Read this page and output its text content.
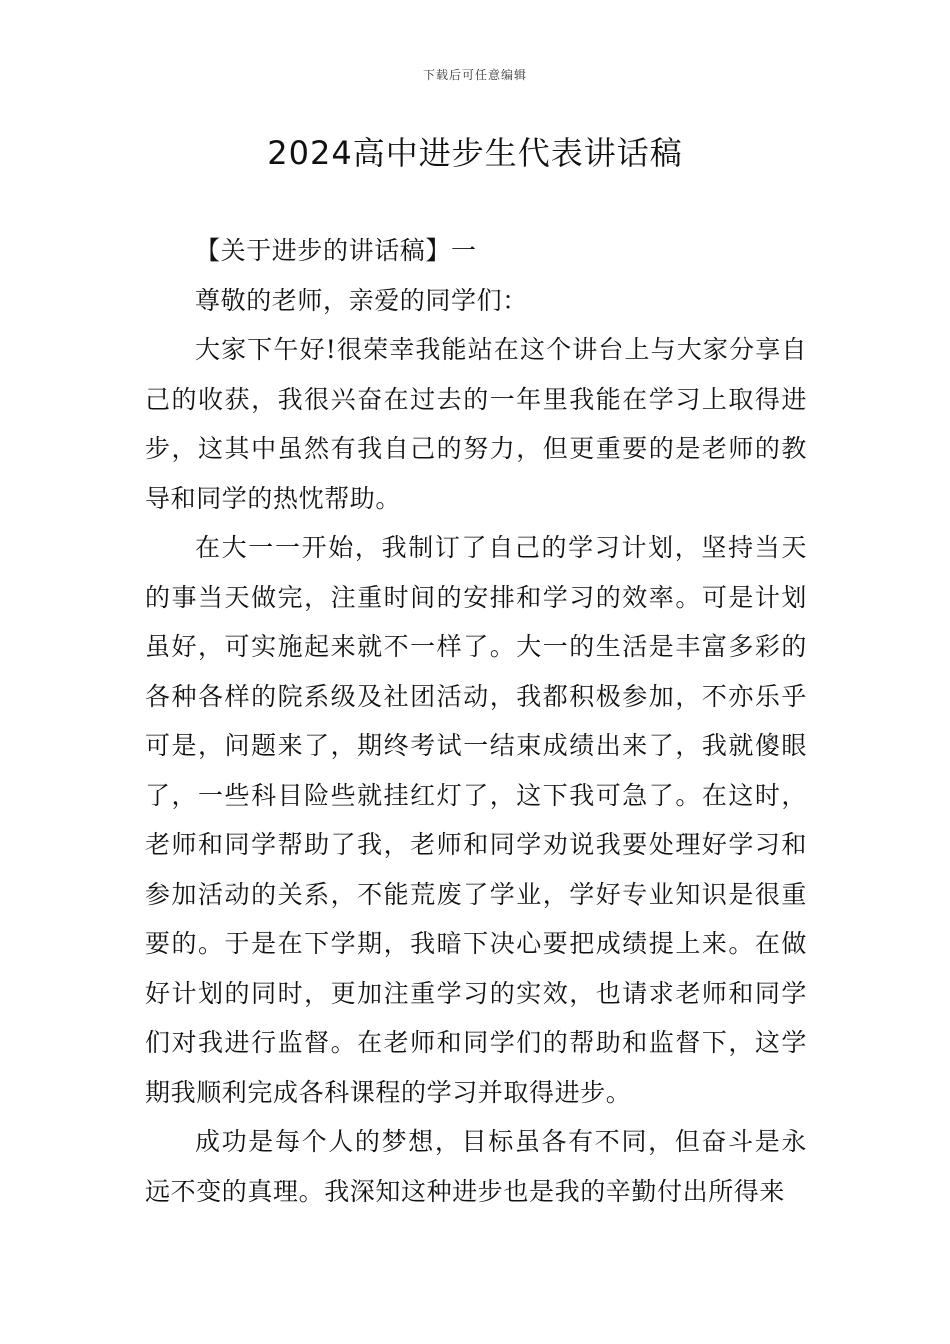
下载后可任意编辑
2024高中进步生代表讲话稿

【关于进步的讲话稿】一

尊敬的老师，亲爱的同学们：

大家下午好!很荣幸我能站在这个讲台上与大家分享自己的收获，我很兴奋在过去的一年里我能在学习上取得进步，这其中虽然有我自己的努力，但更重要的是老师的教导和同学的热忱帮助。

在大一一开始，我制订了自己的学习计划，坚持当天的事当天做完，注重时间的安排和学习的效率。可是计划虽好，可实施起来就不一样了。大一的生活是丰富多彩的各种各样的院系级及社团活动，我都积极参加，不亦乐乎可是，问题来了，期终考试一结束成绩出来了，我就傻眼了，一些科目险些就挂红灯了，这下我可急了。在这时，老师和同学帮助了我，老师和同学劝说我要处理好学习和参加活动的关系，不能荒废了学业，学好专业知识是很重要的。于是在下学期，我暗下决心要把成绩提上来。在做好计划的同时，更加注重学习的实效，也请求老师和同学们对我进行监督。在老师和同学们的帮助和监督下，这学期我顺利完成各科课程的学习并取得进步。

成功是每个人的梦想，目标虽各有不同，但奋斗是永远不变的真理。我深知这种进步也是我的辛勤付出所得来
